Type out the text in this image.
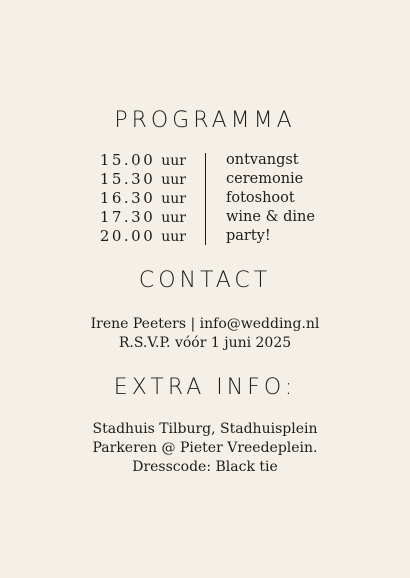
PROGRAMMA
15.00 uur
15.30 uur
16.30 uur
17.30 uur
20.00 uur
ontvangst
ceremonie
fotoshoot
wine & dine
party!
CONTACT
Irene Peeters | info@wedding.nl
R.S.V.P. vóór 1 juni 2025
EXTRA INFO:
Stadhuis Tilburg, Stadhuisplein
Parkeren @ Pieter Vreedeplein.
Dresscode: Black tie
